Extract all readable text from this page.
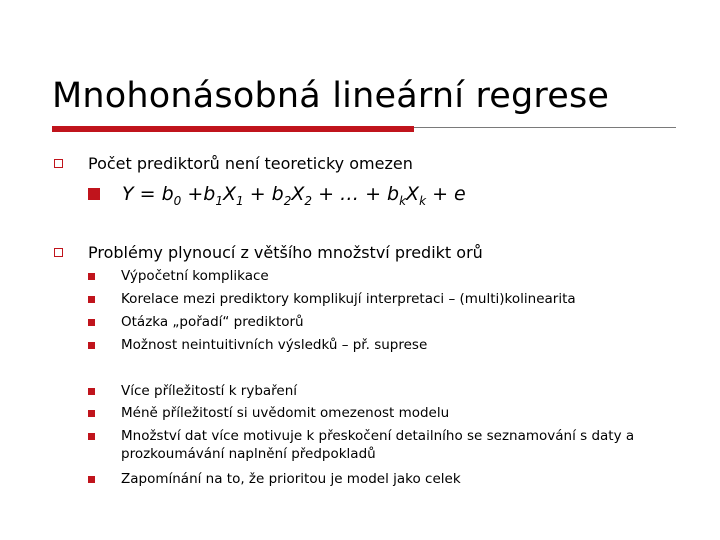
Mnohonásobná lineární regrese
Počet prediktorů není teoreticky omezen
$Y = b_0 +b_1X_1 + b_2X_2$ + … + $b_kX_k + e$
Problémy plynoucí z většího množství predikt orů
Výpočetní komplikace
Korelace mezi prediktory komplikují interpretaci – (multi)kolinearita
Otázka „pořadí“ prediktorů
Možnost neintuitivních výsledků – př. suprese
Více příležitostí k rybaření
Méně příležitostí si uvědomit omezenost modelu
Množství dat více motivuje k přeskočení detailního se seznamování s daty a
prozkoumávání naplnění předpokladů
Zapomínání na to, že prioritou je model jako celek
